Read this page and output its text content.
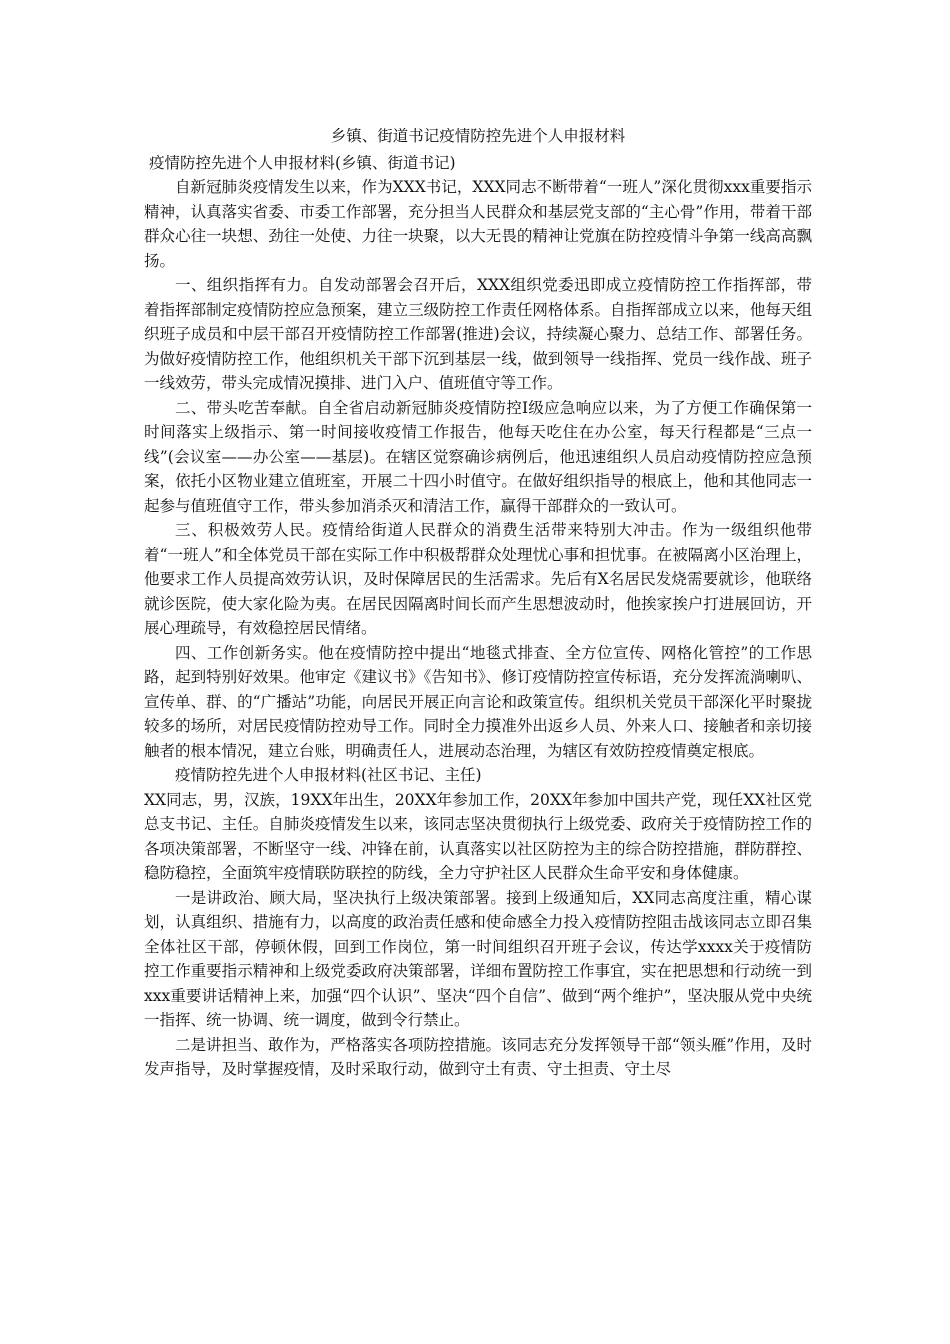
乡镇、街道书记疫情防控先进个人申报材料

疫情防控先进个人申报材料(乡镇、街道书记)

自新冠肺炎疫情发生以来，作为XXX书记，XXX同志不断带着“一班人”深化贯彻xxx重要指示精神，认真落实省委、市委工作部署，充分担当人民群众和基层党支部的“主心骨”作用，带着干部群众心往一块想、劲往一处使、力往一块聚，以大无畏的精神让党旗在防控疫情斗争第一线高高飘扬。

一、组织指挥有力。自发动部署会召开后，XXX组织党委迅即成立疫情防控工作指挥部，带着指挥部制定疫情防控应急预案，建立三级防控工作责任网格体系。自指挥部成立以来，他每天组织班子成员和中层干部召开疫情防控工作部署(推进)会议，持续凝心聚力、总结工作、部署任务。为做好疫情防控工作，他组织机关干部下沉到基层一线，做到领导一线指挥、党员一线作战、班子一线效劳，带头完成情况摸排、进门入户、值班值守等工作。

二、带头吃苦奉献。自全省启动新冠肺炎疫情防控Ⅰ级应急响应以来，为了方便工作确保第一时间落实上级指示、第一时间接收疫情工作报告，他每天吃住在办公室，每天行程都是“三点一线”(会议室——办公室——基层)。在辖区觉察确诊病例后，他迅速组织人员启动疫情防控应急预案，依托小区物业建立值班室，开展二十四小时值守。在做好组织指导的根底上，他和其他同志一起参与值班值守工作，带头参加消杀灭和清洁工作，赢得干部群众的一致认可。

三、积极效劳人民。疫情给街道人民群众的消费生活带来特别大冲击。作为一级组织他带着“一班人”和全体党员干部在实际工作中积极帮群众处理忧心事和担忧事。在被隔离小区治理上，他要求工作人员提高效劳认识，及时保障居民的生活需求。先后有X名居民发烧需要就诊，他联络就诊医院，使大家化险为夷。在居民因隔离时间长而产生思想波动时，他挨家挨户打进展回访，开展心理疏导，有效稳控居民情绪。

四、工作创新务实。他在疫情防控中提出“地毯式排查、全方位宣传、网格化管控”的工作思路，起到特别好效果。他审定《建议书》《告知书》、修订疫情防控宣传标语，充分发挥流淌喇叭、宣传单、群、的“广播站”功能，向居民开展正向言论和政策宣传。组织机关党员干部深化平时聚拢较多的场所，对居民疫情防控劝导工作。同时全力摸准外出返乡人员、外来人口、接触者和亲切接触者的根本情况，建立台账，明确责任人，进展动态治理，为辖区有效防控疫情奠定根底。

疫情防控先进个人申报材料(社区书记、主任)

XX同志，男，汉族，19XX年出生，20XX年参加工作，20XX年参加中国共产党，现任XX社区党总支书记、主任。自肺炎疫情发生以来，该同志坚决贯彻执行上级党委、政府关于疫情防控工作的各项决策部署，不断坚守一线、冲锋在前，认真落实以社区防控为主的综合防控措施，群防群控、稳防稳控，全面筑牢疫情联防联控的防线，全力守护社区人民群众生命平安和身体健康。

一是讲政治、顾大局，坚决执行上级决策部署。接到上级通知后，XX同志高度注重，精心谋划，认真组织、措施有力，以高度的政治责任感和使命感全力投入疫情防控阻击战该同志立即召集全体社区干部，停顿休假，回到工作岗位，第一时间组织召开班子会议，传达学xxxx关于疫情防控工作重要指示精神和上级党委政府决策部署，详细布置防控工作事宜，实在把思想和行动统一到xxx重要讲话精神上来，加强“四个认识”、坚决“四个自信”、做到“两个维护”，坚决服从党中央统一指挥、统一协调、统一调度，做到令行禁止。

二是讲担当、敢作为，严格落实各项防控措施。该同志充分发挥领导干部“领头雁”作用，及时发声指导，及时掌握疫情，及时采取行动，做到守土有责、守土担责、守土尽
